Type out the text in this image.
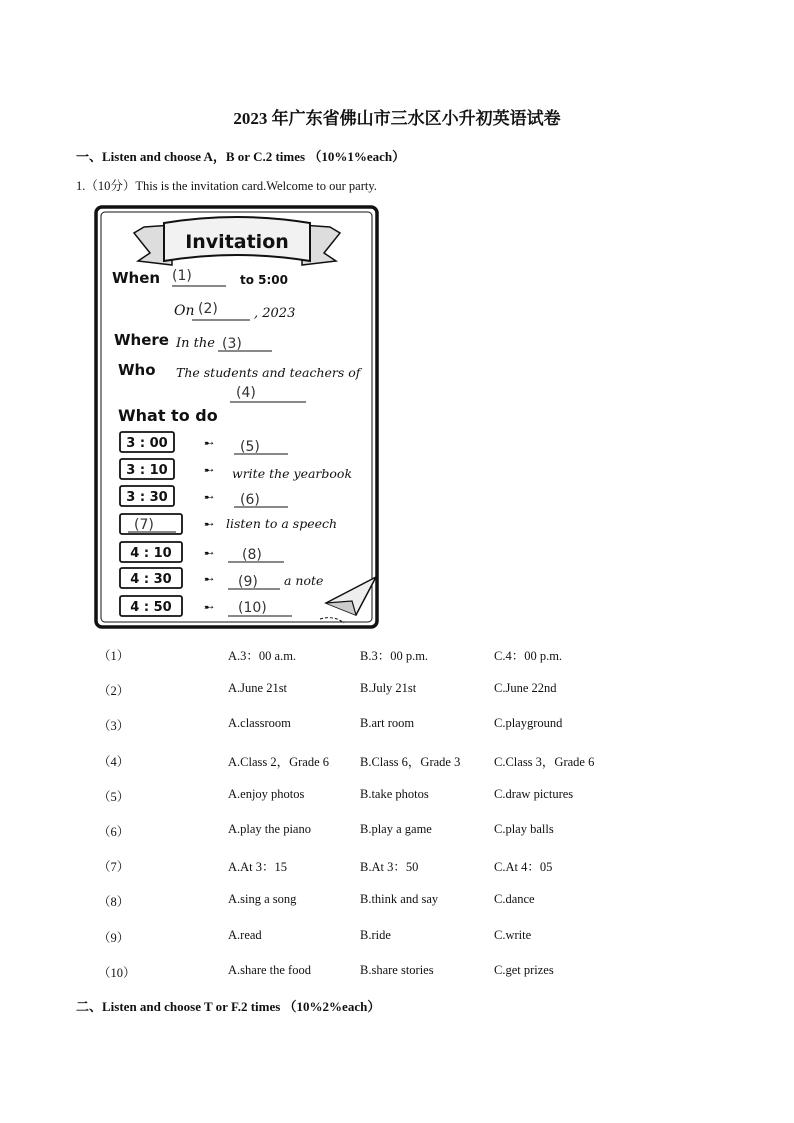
2023 年广东省佛山市三水区小升初英语试卷
一、Listen and choose A，B or C.2 times （10%1%each）
1.（10分）This is the invitation card.Welcome to our party.
Invitation
When (1)	to 5:00
On (2)	, 2023
Where In the (3)
Who The students and teachers of
(4)
What to do
3 : 00	➸ (5)
3 : 10	➸ write the yearbook
3 : 30	➸ (6)
(7)	➸ listen to a speech
4 : 10	➸ (8)
4 : 30	➸ (9) a note
4 : 50	➸ (10)
（1）	A.3：00 a.m.	B.3：00 p.m.	C.4：00 p.m.
（2）	A.June 21st	B.July 21st	C.June 22nd
（3）	A.classroom	B.art room	C.playground
（4）	A.Class 2，Grade 6 B.Class 6，Grade 3	C.Class 3，Grade 6
（5）	A.enjoy photos	B.take photos	C.draw pictures
（6）	A.play the piano	B.play a game	C.play balls
（7）	A.At 3：15	B.At 3：50	C.At 4：05
（8）	A.sing a song	B.think and say	C.dance
（9）	A.read	B.ride	C.write
（10）	A.share the food	B.share stories	C.get prizes
二、Listen and choose T or F.2 times （10%2%each）
